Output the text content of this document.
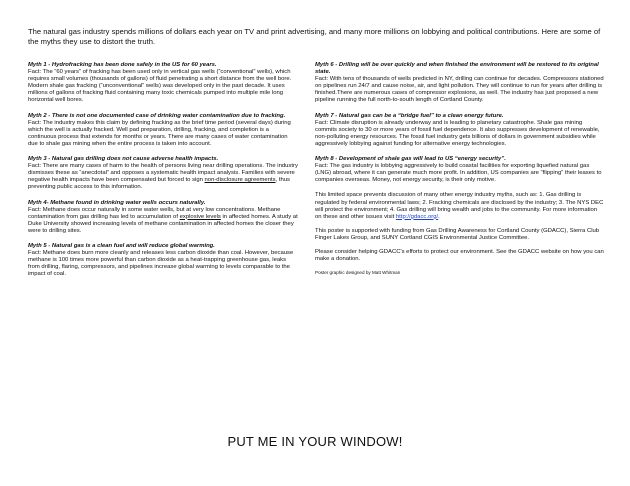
The natural gas industry spends millions of dollars each year on TV and print advertising, and many more millions on lobbying and political contributions. Here are some of the myths they use to distort the truth.

Myth 1 - Hydrofracking has been done safely in the US for 60 years.

Fact: The “60 years” of fracking has been used only in vertical gas wells (“conventional” wells), which requires small volumes (thousands of gallons) of fluid penetrating a short distance from the well bore. Modern shale gas fracking (“unconventional” wells) was developed only in the past decade. It uses millions of gallons of fracking fluid containing many toxic chemicals pumped into multiple mile long horizontal well bores.

Myth 2 - There is not one documented case of drinking water contamination due to fracking.

Fact: The industry makes this claim by defining fracking as the brief time period (several days) during which the well is actually fracked. Well pad preparation, drilling, fracking, and completion is a continuous process that extends for months or years. There are many cases of water contamination due to shale gas mining when the entire process is taken into account.

Myth 3 - Natural gas drilling does not cause adverse health impacts.

Fact: There are many cases of harm to the health of persons living near drilling operations. The industry dismisses these as “anecdotal” and opposes a systematic health impact analysis. Families with severe negative health impacts have been compensated but forced to sign non-disclosure agreements, thus preventing public access to this information.

Myth 4- Methane found in drinking water wells occurs naturally.

Fact: Methane does occur naturally in some water wells, but at very low concentrations. Methane contamination from gas drilling has led to accumulation of explosive levels in affected homes. A study at Duke University showed increasing levels of methane contamination in affected homes the closer they were to drilling sites.

Myth 5 - Natural gas is a clean fuel and will reduce global warming.

Fact: Methane does burn more cleanly and releases less carbon dioxide than coal. However, because methane is 100 times more powerful than carbon dioxide as a heat-trapping greenhouse gas, leaks from drilling, flaring, compressors, and pipelines increase global warming to levels comparable to the impact of coal.

Myth 6 - Drilling will be over quickly and when finished the environment will be restored to its original state.

Fact: With tens of thousands of wells predicted in NY, drilling can continue for decades. Compressors stationed on pipelines run 24/7 and cause noise, air, and light pollution. They will continue to run for years after drilling is finished.There are numerous cases of compressor explosions, as well. The industry has just proposed a new pipeline running the full north-to-south length of Cortland County.

Myth 7 - Natural gas can be a “bridge fuel” to a clean energy future.

Fact: Climate disruption is already underway and is leading to planetary catastrophe. Shale gas mining commits society to 30 or more years of fossil fuel dependence. It also suppresses development of renewable, non-polluting energy resources. The fossil fuel industry gets billions of dollars in government subsidies while aggressively lobbying against funding for alternative energy technologies.

Myth 8 - Development of shale gas will lead to US “energy security”.

Fact: The gas industry is lobbying aggressively to build coastal facilities for exporting liquefied natural gas (LNG) abroad, where it can generate much more profit. In addition, US companies are “flipping” their leases to companies overseas. Money, not energy security, is their only motive.

This limited space prevents discussion of many other energy industry myths, such as: 1. Gas drilling is regulated by federal environmental laws; 2. Fracking chemicals are disclosed by the industry; 3. The NYS DEC will protect the environment; 4. Gas drilling will bring wealth and jobs to the community. For more information on these and other issues visit http://gdacc.org/.

This poster is supported with funding from Gas Drilling Awareness for Cortland County (GDACC), Sierra Club Finger Lakes Group, and SUNY Cortland CGIS Environmental Justice Committee.

Please consider helping GDACC's efforts to protect our environment. See the GDACC website on how you can make a donation.

Poster graphic designed by Matt Whitman

PUT ME IN YOUR WINDOW!
